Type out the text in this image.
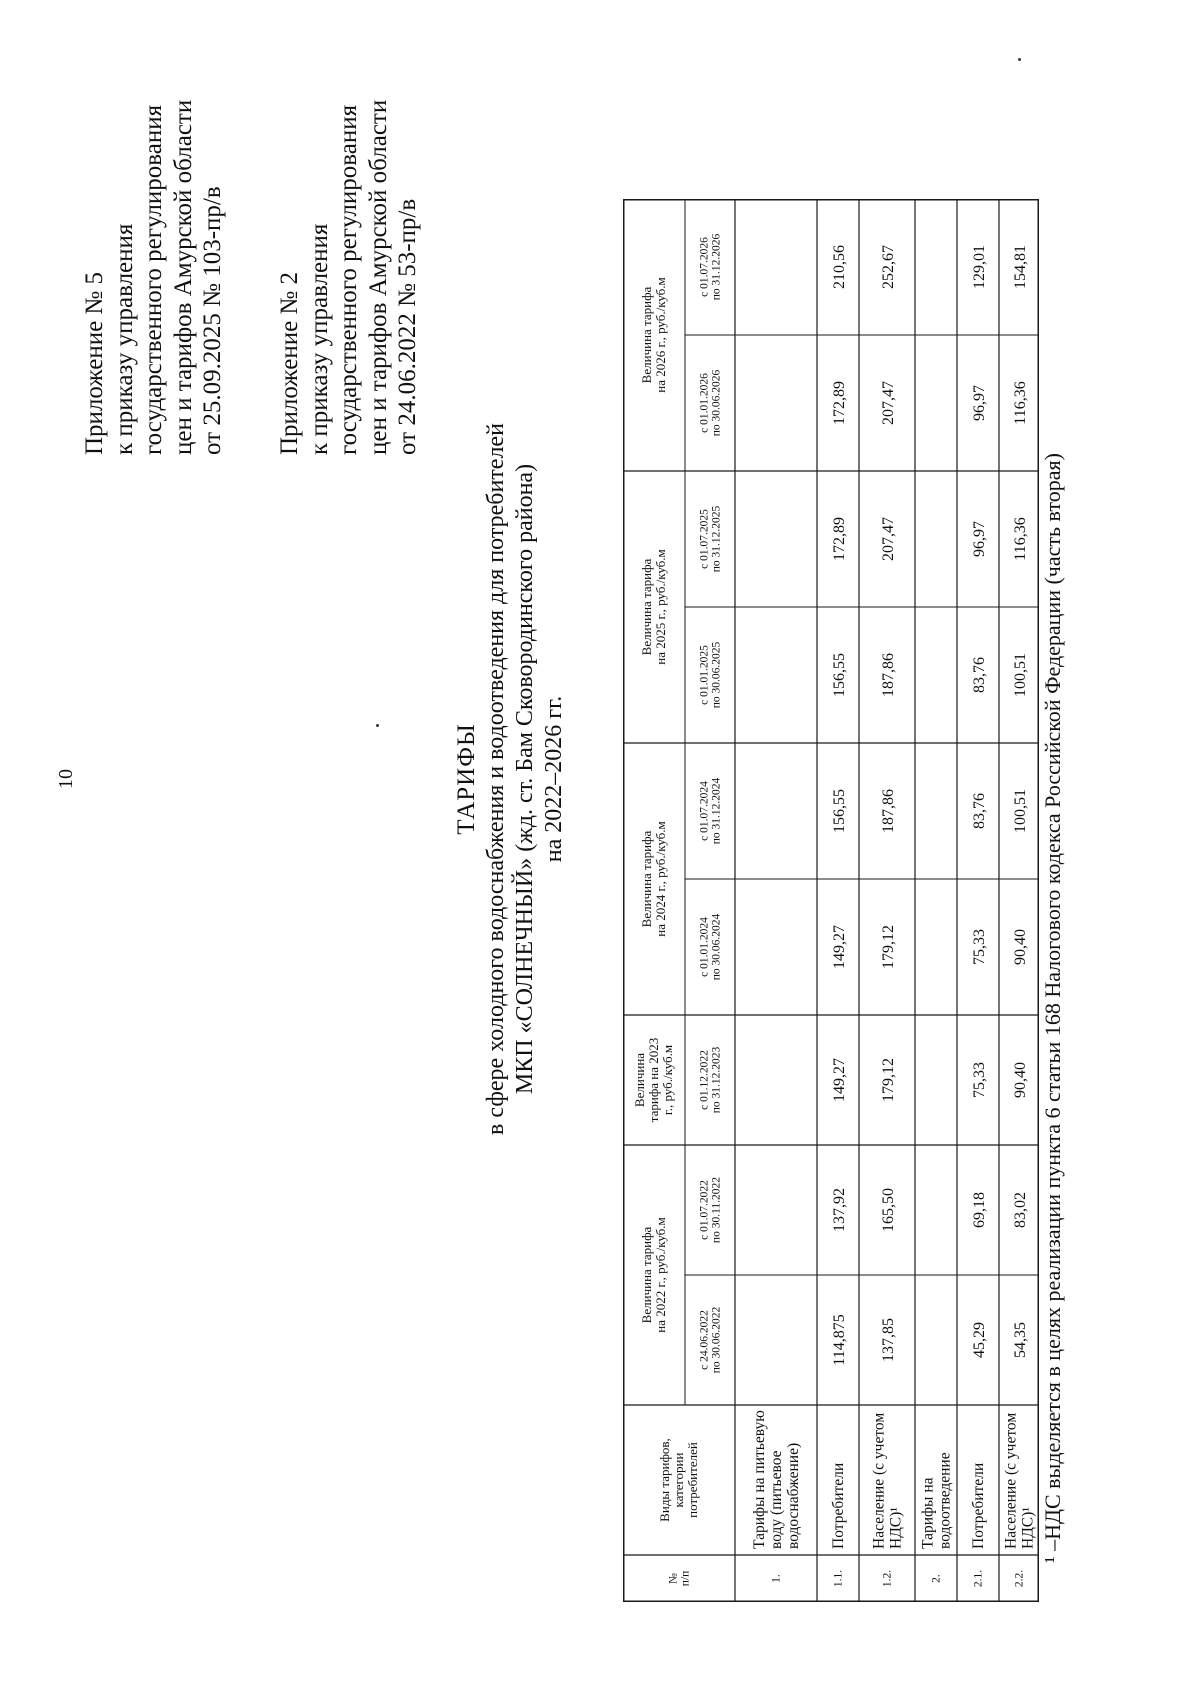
10
Приложение № 5 к приказу управления государственного регулирования цен и тарифов Амурской области от 25.09.2025 № 103-пр/в Приложение № 2 к приказу управления государственного регулирования цен и тарифов Амурской области от 24.06.2022 № 53-пр/в
ТАРИФЫ в сфере холодного водоснабжения и водоотведения для потребителей МКП «СОЛНЕЧНЫЙ» (жд. ст. Бам Сковородинского района) на 2022–2026 гг.
№п/п
Виды тарифов,категориипотребителей
Величина тарифана 2022 г., руб./куб.м
с 24.06.2022по 30.06.2022
с 01.07.2022по 30.11.2022
Величинатарифа на 2023г., руб./куб.м с 01.12.2022по 31.12.2023
Величина тарифана 2024 г., руб./куб.м
с 01.01.2024по 30.06.2024
с 01.07.2024по 31.12.2024
Величина тарифана 2025 г., руб./куб.м
с 01.01.2025по 30.06.2025
с 01.07.2025по 31.12.2025
Величина тарифана 2026 г., руб./куб.м
с 01.01.2026по 30.06.2026
с 01.07.2026по 31.12.2026
1.
Тарифы на питьевуюводу (питьевоеводоснабжение)
1.1.
Потребители
114,875
137,92
149,27
149,27
156,55
156,55
172,89
172,89
210,56
1.2.
Население (с учетомНДС)¹
137,85
165,50
179,12
179,12
187,86
187,86
207,47
207,47
252,67
2.
Тарифы наводоотведение
2.1.
Потребители
45,29
69,18
75,33
75,33
83,76
83,76
96,97
96,97
129,01
2.2.
Население (с учетомНДС)¹
54,35
83,02
90,40
90,40
100,51
100,51
116,36
116,36
154,81
¹ –НДС выделяется в целях реализации пункта 6 статьи 168 Налогового кодекса Российской Федерации (часть вторая)
